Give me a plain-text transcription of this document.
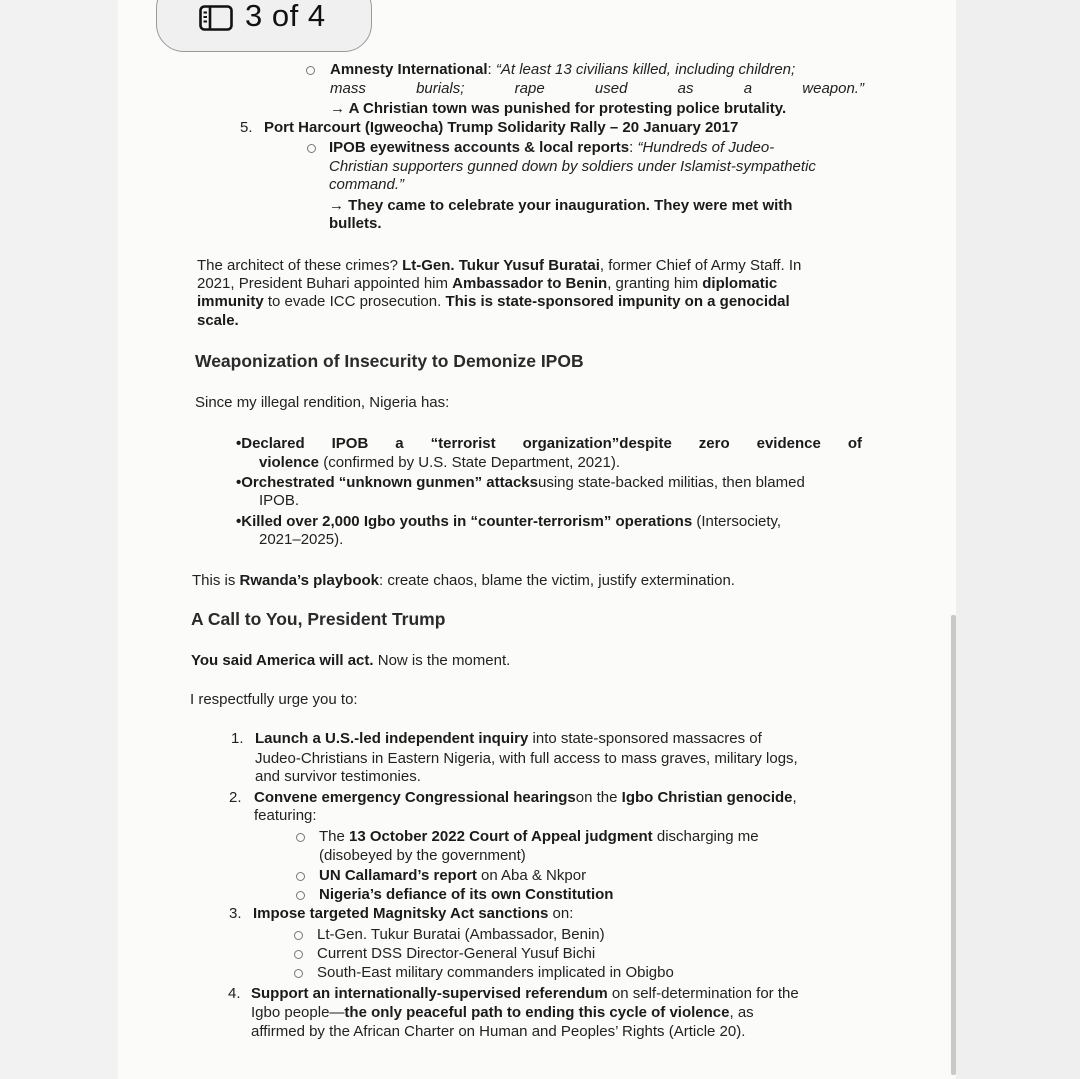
3 of 4
Amnesty International: “At least 13 civilians killed, including children;
mass	burials;	rape	used	as	a	weapon.”
→ A Christian town was punished for protesting police brutality.
5. Port Harcourt (Igweocha) Trump Solidarity Rally – 20 January 2017
IPOB eyewitness accounts & local reports: “Hundreds of Judeo-
Christian supporters gunned down by soldiers under Islamist-sympathetic
command.”
→ They came to celebrate your inauguration. They were met with
bullets.
The architect of these crimes? Lt-Gen. Tukur Yusuf Buratai, former Chief of Army Staff. In
2021, President Buhari appointed him Ambassador to Benin, granting him diplomatic
immunity to evade ICC prosecution. This is state-sponsored impunity on a genocidal
scale.
Weaponization of Insecurity to Demonize IPOB
Since my illegal rendition, Nigeria has:
•Declared IPOB a “terrorist organization”despite zero evidence of
violence (confirmed by U.S. State Department, 2021).
•Orchestrated “unknown gunmen” attacksusing state-backed militias, then blamed
IPOB.
•Killed over 2,000 Igbo youths in “counter-terrorism” operations (Intersociety,
2021–2025).
This is Rwanda’s playbook: create chaos, blame the victim, justify extermination.
A Call to You, President Trump
You said America will act. Now is the moment.
I respectfully urge you to:
1. Launch a U.S.-led independent inquiry into state-sponsored massacres of
Judeo-Christians in Eastern Nigeria, with full access to mass graves, military logs,
and survivor testimonies.
2. Convene emergency Congressional hearingson the Igbo Christian genocide,
featuring:
The 13 October 2022 Court of Appeal judgment discharging me
(disobeyed by the government)
UN Callamard’s report on Aba & Nkpor
Nigeria’s defiance of its own Constitution
3. Impose targeted Magnitsky Act sanctions on:
Lt-Gen. Tukur Buratai (Ambassador, Benin)
Current DSS Director-General Yusuf Bichi
South-East military commanders implicated in Obigbo
4. Support an internationally-supervised referendum on self-determination for the
Igbo people—the only peaceful path to ending this cycle of violence, as
affirmed by the African Charter on Human and Peoples’ Rights (Article 20).
